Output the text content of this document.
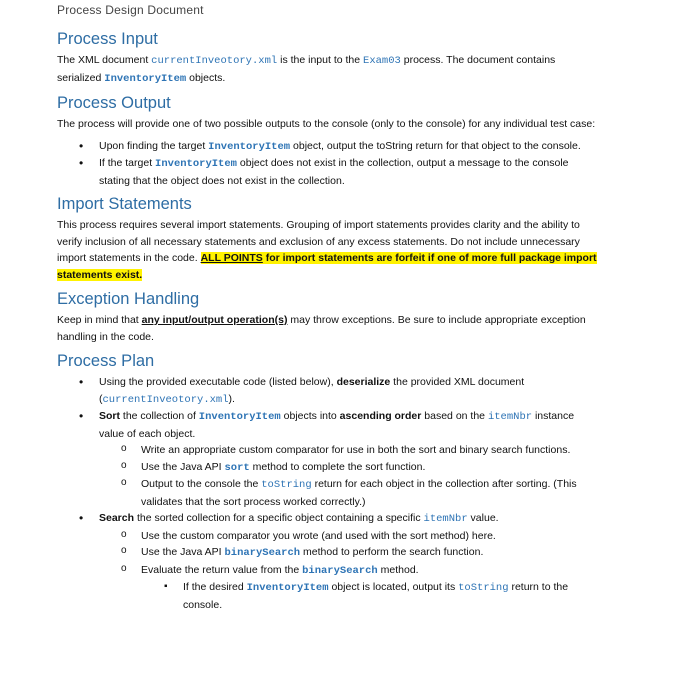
Process Design Document
Process Input

The XML document currentInveotory.xml is the input to the Exam03 process. The document contains serialized InventoryItem objects.

Process Output

The process will provide one of two possible outputs to the console (only to the console) for any individual test case:

• Upon finding the target InventoryItem object, output the toString return for that object to the console.
• If the target InventoryItem object does not exist in the collection, output a message to the console stating that the object does not exist in the collection.
Import Statements

This process requires several import statements. Grouping of import statements provides clarity and the ability to verify inclusion of all necessary statements and exclusion of any excess statements. Do not include unnecessary import statements in the code. ALL POINTS for import statements are forfeit if one of more full package import statements exist.

Exception Handling

Keep in mind that any input/output operation(s) may throw exceptions. Be sure to include appropriate exception handling in the code.

Process Plan
• Using the provided executable code (listed below), deserialize the provided XML document (currentInveotory.xml).
• Sort the collection of InventoryItem objects into ascending order based on the itemNbr instance value of each object.
o Write an appropriate custom comparator for use in both the sort and binary search functions.
o Use the Java API sort method to complete the sort function.
o Output to the console the toString return for each object in the collection after sorting. (This validates that the sort process worked correctly.)
• Search the sorted collection for a specific object containing a specific itemNbr value.
o Use the custom comparator you wrote (and used with the sort method) here.
o Use the Java API binarySearch method to perform the search function.
o Evaluate the return value from the binarySearch method.
▪ If the desired InventoryItem object is located, output its toString return to the console.
